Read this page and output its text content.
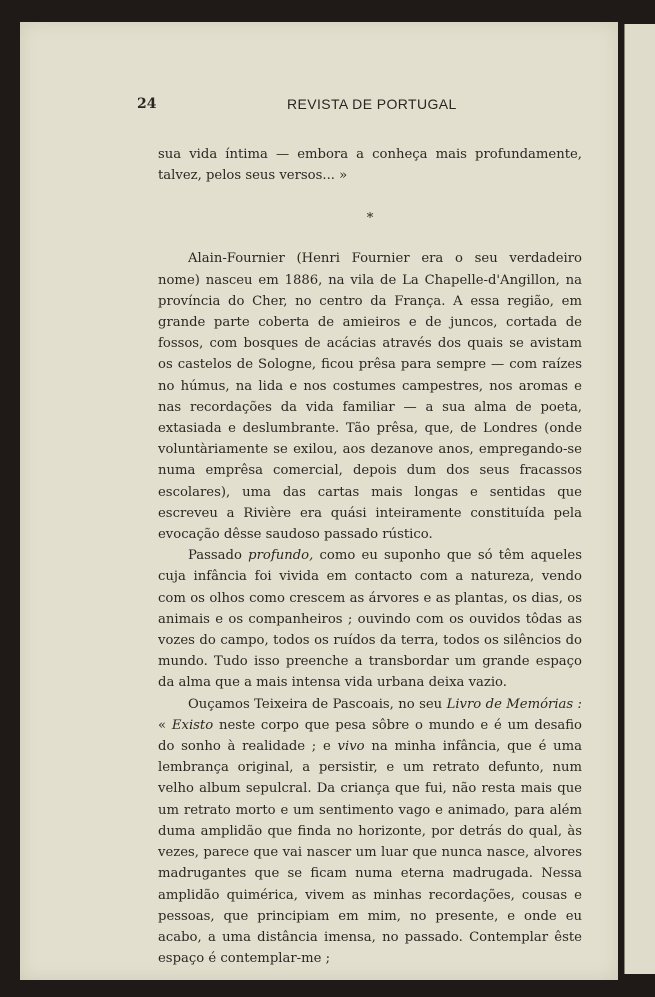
24	REVISTA DE PORTUGAL

sua vida íntima — embora a conheça mais profundamente, talvez, pelos seus versos... »

*

Alain-Fournier (Henri Fournier era o seu verdadeiro nome) nasceu em 1886, na vila de La Chapelle-d'Angillon, na província do Cher, no centro da França. A essa região, em grande parte coberta de amieiros e de juncos, cortada de fossos, com bosques de acácias através dos quais se avistam os castelos de Sologne, ficou prêsa para sempre — com raízes no húmus, na lida e nos costumes campestres, nos aromas e nas recordações da vida familiar — a sua alma de poeta, extasiada e deslumbrante. Tão prêsa, que, de Londres (onde voluntàriamente se exilou, aos dezanove anos, empregando-se numa emprêsa comercial, depois dum dos seus fracassos escolares), uma das cartas mais longas e sentidas que escreveu a Rivière era quási inteiramente constituída pela evocação dêsse saudoso passado rústico.

Passado profundo, como eu suponho que só têm aqueles cuja infância foi vivida em contacto com a natureza, vendo com os olhos como crescem as árvores e as plantas, os dias, os animais e os companheiros ; ouvindo com os ouvidos tôdas as vozes do campo, todos os ruídos da terra, todos os silêncios do mundo. Tudo isso preenche a transbordar um grande espaço da alma que a mais intensa vida urbana deixa vazio.

Ouçamos Teixeira de Pascoais, no seu Livro de Memórias : « Existo neste corpo que pesa sôbre o mundo e é um desafio do sonho à realidade ; e vivo na minha infância, que é uma lembrança original, a persistir, e um retrato defunto, num velho album sepulcral. Da criança que fui, não resta mais que um retrato morto e um sentimento vago e animado, para além duma amplidão que finda no horizonte, por detrás do qual, às vezes, parece que vai nascer um luar que nunca nasce, alvores madrugantes que se ficam numa eterna madrugada. Nessa amplidão quimérica, vivem as minhas recordações, cousas e pessoas, que principiam em mim, no presente, e onde eu acabo, a uma distância imensa, no passado. Contemplar êste espaço é contemplar-me ;
